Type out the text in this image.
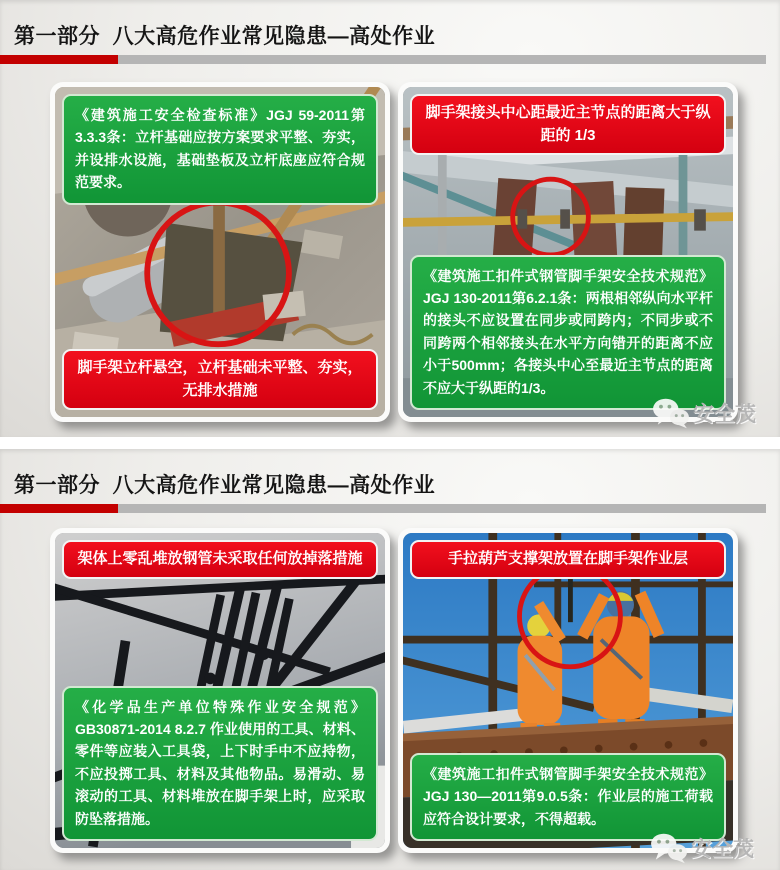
第一部分  八大高危作业常见隐患—高处作业
《建筑施工安全检查标准》JGJ 59-2011第3.3.3条：立杆基础应按方案要求平整、夯实，并设排水设施，基础垫板及立杆底座应符合规范要求。
脚手架立杆悬空，立杆基础未平整、夯实，无排水措施
脚手架接头中心距最近主节点的距离大于纵距的 1/3
《建筑施工扣件式钢管脚手架安全技术规范》JGJ 130-2011第6.2.1条：两根相邻纵向水平杆的接头不应设置在同步或同跨内；不同步或不同跨两个相邻接头在水平方向错开的距离不应小于500mm；各接头中心至最近主节点的距离不应大于纵距的1/3。
安全茂
第一部分  八大高危作业常见隐患—高处作业
架体上零乱堆放钢管未采取任何放掉落措施
《化学品生产单位特殊作业安全规范》GB30871-2014 8.2.7 作业使用的工具、材料、零件等应装入工具袋，上下时手中不应持物，不应投掷工具、材料及其他物品。易滑动、易滚动的工具、材料堆放在脚手架上时，应采取防坠落措施。
手拉葫芦支撑架放置在脚手架作业层
《建筑施工扣件式钢管脚手架安全技术规范》JGJ 130—2011第9.0.5条：作业层的施工荷载应符合设计要求，不得超载。
安全茂
